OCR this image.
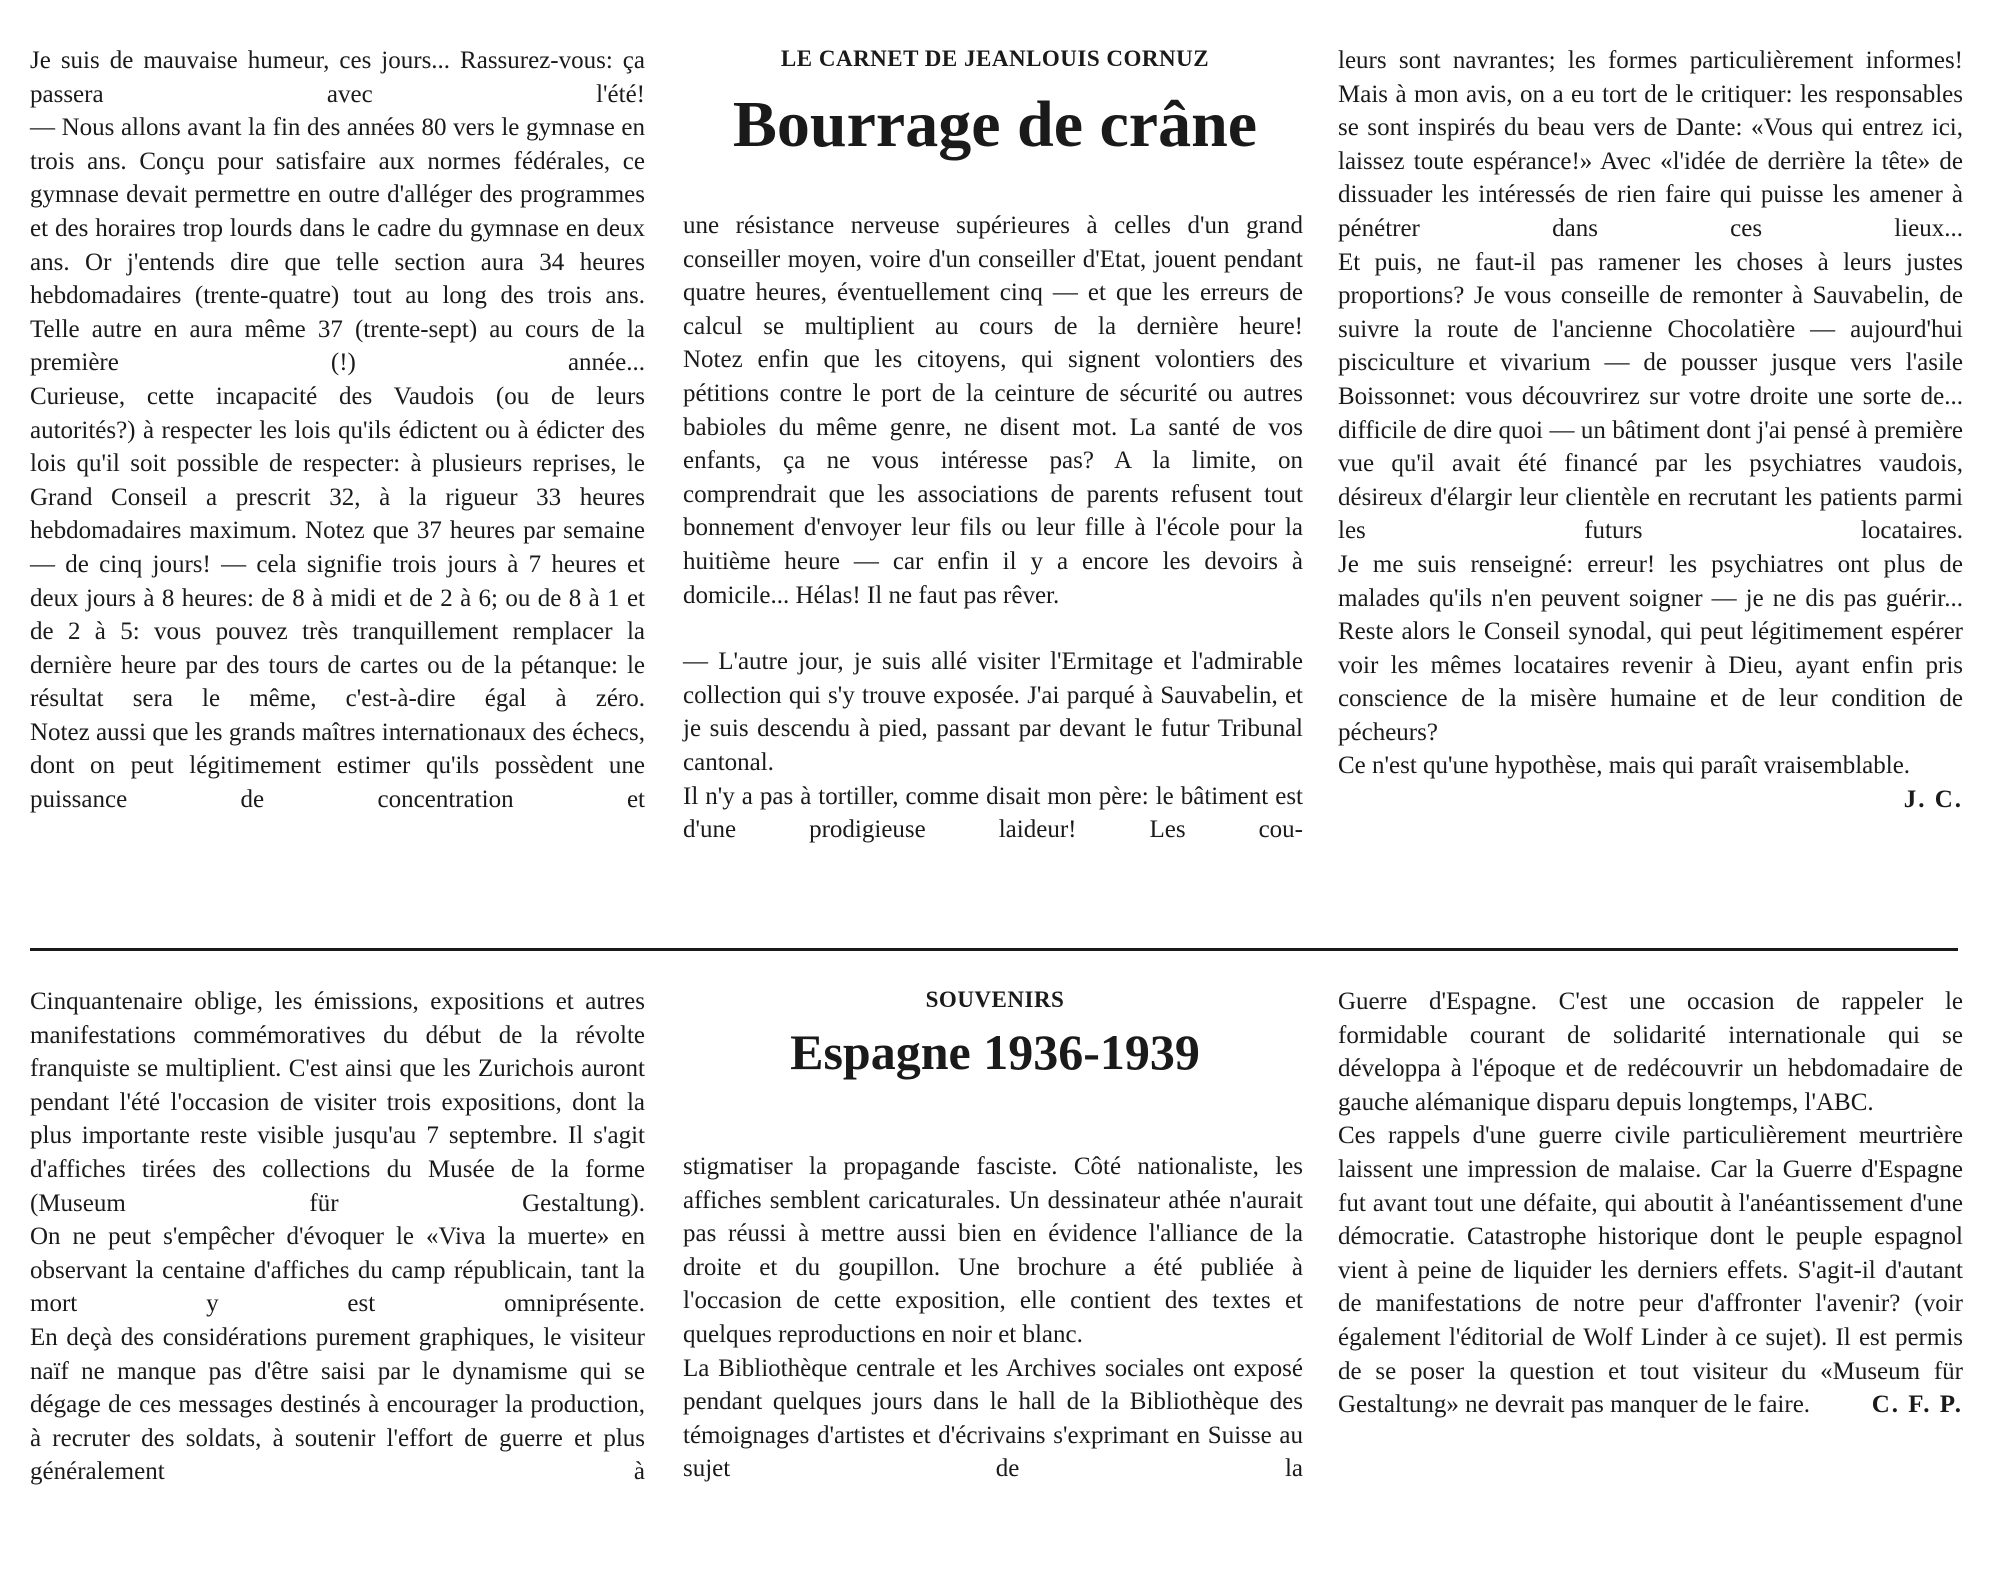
LE CARNET DE JEANLOUIS CORNUZ
Bourrage de crâne

Je suis de mauvaise humeur, ces jours... Rassurez-vous: ça passera avec l'été!

— Nous allons avant la fin des années 80 vers le gymnase en trois ans. Conçu pour satisfaire aux normes fédérales, ce gymnase devait permettre en outre d'alléger des programmes et des horaires trop lourds dans le cadre du gymnase en deux ans. Or j'entends dire que telle section aura 34 heures hebdomadaires (trente-quatre) tout au long des trois ans. Telle autre en aura même 37 (trente-sept) au cours de la première (!) année...

Curieuse, cette incapacité des Vaudois (ou de leurs autorités?) à respecter les lois qu'ils édictent ou à édicter des lois qu'il soit possible de respecter: à plusieurs reprises, le Grand Conseil a prescrit 32, à la rigueur 33 heures hebdomadaires maximum. Notez que 37 heures par semaine — de cinq jours! — cela signifie trois jours à 7 heures et deux jours à 8 heures: de 8 à midi et de 2 à 6; ou de 8 à 1 et de 2 à 5: vous pouvez très tranquillement remplacer la dernière heure par des tours de cartes ou de la pétanque: le résultat sera le même, c'est-à-dire égal à zéro.

Notez aussi que les grands maîtres internationaux des échecs, dont on peut légitimement estimer qu'ils possèdent une puissance de concentration et

une résistance nerveuse supérieures à celles d'un grand conseiller moyen, voire d'un conseiller d'Etat, jouent pendant quatre heures, éventuellement cinq — et que les erreurs de calcul se multiplient au cours de la dernière heure!

Notez enfin que les citoyens, qui signent volontiers des pétitions contre le port de la ceinture de sécurité ou autres babioles du même genre, ne disent mot. La santé de vos enfants, ça ne vous intéresse pas? A la limite, on comprendrait que les associations de parents refusent tout bonnement d'envoyer leur fils ou leur fille à l'école pour la huitième heure — car enfin il y a encore les devoirs à domicile... Hélas! Il ne faut pas rêver.

— L'autre jour, je suis allé visiter l'Ermitage et l'admirable collection qui s'y trouve exposée. J'ai parqué à Sauvabelin, et je suis descendu à pied, passant par devant le futur Tribunal cantonal.

Il n'y a pas à tortiller, comme disait mon père: le bâtiment est d'une prodigieuse laideur! Les cou-

leurs sont navrantes; les formes particulièrement informes! Mais à mon avis, on a eu tort de le critiquer: les responsables se sont inspirés du beau vers de Dante: «Vous qui entrez ici, laissez toute espérance!» Avec «l'idée de derrière la tête» de dissuader les intéressés de rien faire qui puisse les amener à pénétrer dans ces lieux...

Et puis, ne faut-il pas ramener les choses à leurs justes proportions? Je vous conseille de remonter à Sauvabelin, de suivre la route de l'ancienne Chocolatière — aujourd'hui pisciculture et vivarium — de pousser jusque vers l'asile Boissonnet: vous découvrirez sur votre droite une sorte de... difficile de dire quoi — un bâtiment dont j'ai pensé à première vue qu'il avait été financé par les psychiatres vaudois, désireux d'élargir leur clientèle en recrutant les patients parmi les futurs locataires.

Je me suis renseigné: erreur! les psychiatres ont plus de malades qu'ils n'en peuvent soigner — je ne dis pas guérir... Reste alors le Conseil synodal, qui peut légitimement espérer voir les mêmes locataires revenir à Dieu, ayant enfin pris conscience de la misère humaine et de leur condition de pécheurs?

Ce n'est qu'une hypothèse, mais qui paraît vraisemblable.
J. C.

SOUVENIRS
Espagne 1936-1939

Cinquantenaire oblige, les émissions, expositions et autres manifestations commémoratives du début de la révolte franquiste se multiplient. C'est ainsi que les Zurichois auront pendant l'été l'occasion de visiter trois expositions, dont la plus importante reste visible jusqu'au 7 septembre. Il s'agit d'affiches tirées des collections du Musée de la forme (Museum für Gestaltung).

On ne peut s'empêcher d'évoquer le «Viva la muerte» en observant la centaine d'affiches du camp républicain, tant la mort y est omniprésente.

En deçà des considérations purement graphiques, le visiteur naïf ne manque pas d'être saisi par le dynamisme qui se dégage de ces messages destinés à encourager la production, à recruter des soldats, à soutenir l'effort de guerre et plus généralement à

stigmatiser la propagande fasciste. Côté nationaliste, les affiches semblent caricaturales. Un dessinateur athée n'aurait pas réussi à mettre aussi bien en évidence l'alliance de la droite et du goupillon. Une brochure a été publiée à l'occasion de cette exposition, elle contient des textes et quelques reproductions en noir et blanc.

La Bibliothèque centrale et les Archives sociales ont exposé pendant quelques jours dans le hall de la Bibliothèque des témoignages d'artistes et d'écrivains s'exprimant en Suisse au sujet de la

Guerre d'Espagne. C'est une occasion de rappeler le formidable courant de solidarité internationale qui se développa à l'époque et de redécouvrir un hebdomadaire de gauche alémanique disparu depuis longtemps, l'ABC.

Ces rappels d'une guerre civile particulièrement meurtrière laissent une impression de malaise. Car la Guerre d'Espagne fut avant tout une défaite, qui aboutit à l'anéantissement d'une démocratie. Catastrophe historique dont le peuple espagnol vient à peine de liquider les derniers effets. S'agit-il d'autant de manifestations de notre peur d'affronter l'avenir? (voir également l'éditorial de Wolf Linder à ce sujet). Il est permis de se poser la question et tout visiteur du «Museum für Gestaltung» ne devrait pas manquer de le faire. C. F. P.
